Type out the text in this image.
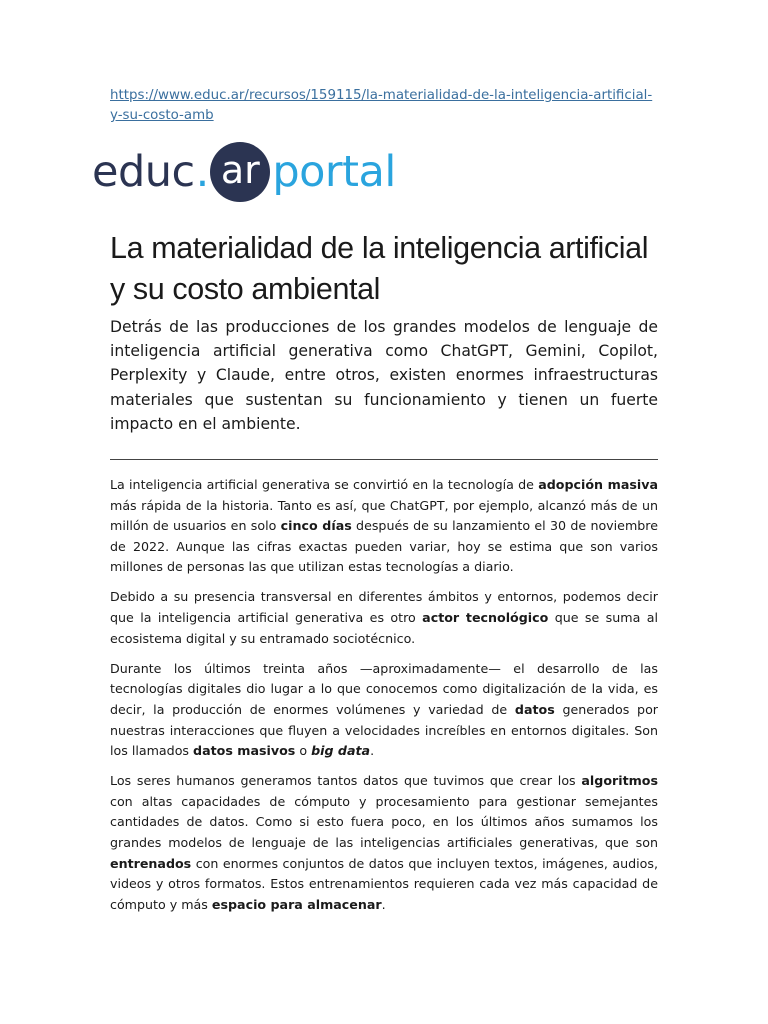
https://www.educ.ar/recursos/159115/la-materialidad-de-la-inteligencia-artificial-y-su-costo-amb
educ . ar portal
La materialidad de la inteligencia artificial y su costo ambiental

Detrás de las producciones de los grandes modelos de lenguaje de inteligencia artificial generativa como ChatGPT, Gemini, Copilot, Perplexity y Claude, entre otros, existen enormes infraestructuras materiales que sustentan su funcionamiento y tienen un fuerte impacto en el ambiente.

La inteligencia artificial generativa se convirtió en la tecnología de adopción masiva más rápida de la historia. Tanto es así, que ChatGPT, por ejemplo, alcanzó más de un millón de usuarios en solo cinco días después de su lanzamiento el 30 de noviembre de 2022. Aunque las cifras exactas pueden variar, hoy se estima que son varios millones de personas las que utilizan estas tecnologías a diario.

Debido a su presencia transversal en diferentes ámbitos y entornos, podemos decir que la inteligencia artificial generativa es otro actor tecnológico que se suma al ecosistema digital y su entramado sociotécnico.

Durante los últimos treinta años —aproximadamente— el desarrollo de las tecnologías digitales dio lugar a lo que conocemos como digitalización de la vida, es decir, la producción de enormes volúmenes y variedad de datos generados por nuestras interacciones que fluyen a velocidades increíbles en entornos digitales. Son los llamados datos masivos o big data.

Los seres humanos generamos tantos datos que tuvimos que crear los algoritmos con altas capacidades de cómputo y procesamiento para gestionar semejantes cantidades de datos. Como si esto fuera poco, en los últimos años sumamos los grandes modelos de lenguaje de las inteligencias artificiales generativas, que son entrenados con enormes conjuntos de datos que incluyen textos, imágenes, audios, videos y otros formatos. Estos entrenamientos requieren cada vez más capacidad de cómputo y más espacio para almacenar.
